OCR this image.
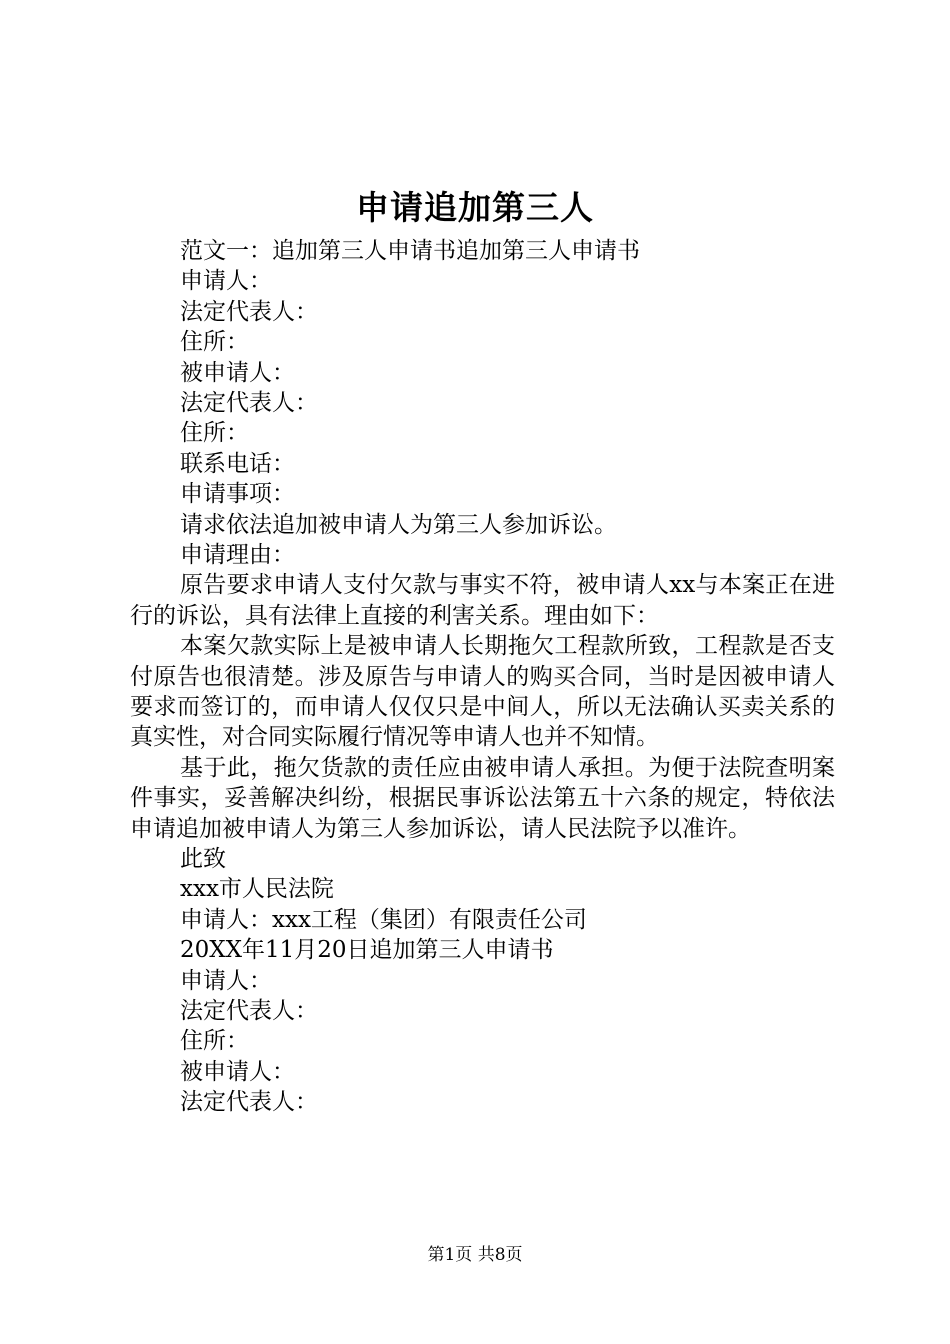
申请追加第三人
范文一：追加第三人申请书追加第三人申请书
申请人：
法定代表人：
住所：
被申请人：
法定代表人：
住所：
联系电话：
申请事项：
请求依法追加被申请人为第三人参加诉讼。
申请理由：
原告要求申请人支付欠款与事实不符，被申请人xx与本案正在进行的诉讼，具有法律上直接的利害关系。理由如下：
本案欠款实际上是被申请人长期拖欠工程款所致，工程款是否支付原告也很清楚。涉及原告与申请人的购买合同，当时是因被申请人要求而签订的，而申请人仅仅只是中间人，所以无法确认买卖关系的真实性，对合同实际履行情况等申请人也并不知情。
基于此，拖欠货款的责任应由被申请人承担。为便于法院查明案件事实，妥善解决纠纷，根据民事诉讼法第五十六条的规定，特依法申请追加被申请人为第三人参加诉讼，请人民法院予以准许。
此致
xxx市人民法院
申请人：xxx工程（集团）有限责任公司
20XX年11月20日追加第三人申请书
申请人：
法定代表人：
住所：
被申请人：
法定代表人：
第1页 共8页
